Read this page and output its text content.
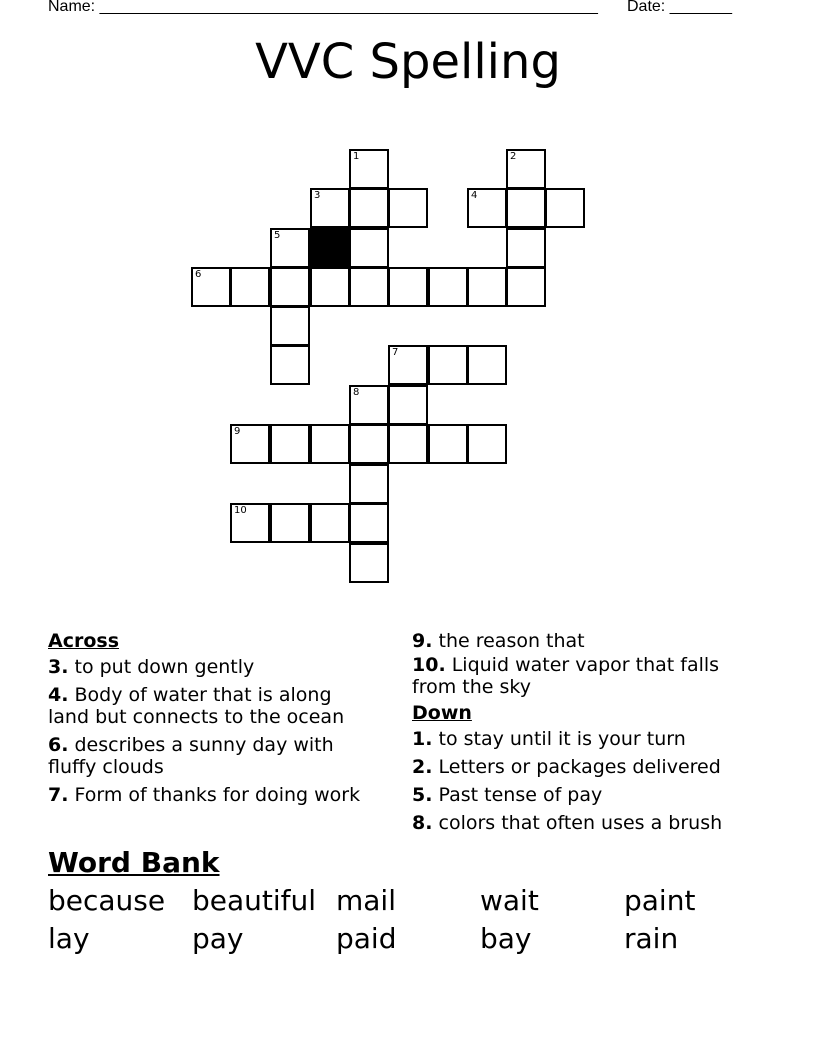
Name: ________________________________________________________ Date: _______
VVC Spelling
1
3
2
4
5
6
7
8
9
10
Across
3. to put down gently
4. Body of water that is along land but connects to the ocean
6. describes a sunny day with fluffy clouds
7. Form of thanks for doing work
9. the reason that
10. Liquid water vapor that falls from the sky
Down
1. to stay until it is your turn
2. Letters or packages delivered
5. Past tense of pay
8. colors that often uses a brush
Word Bank
because beautiful mail	wait	paint
lay	pay	paid	bay	rain
